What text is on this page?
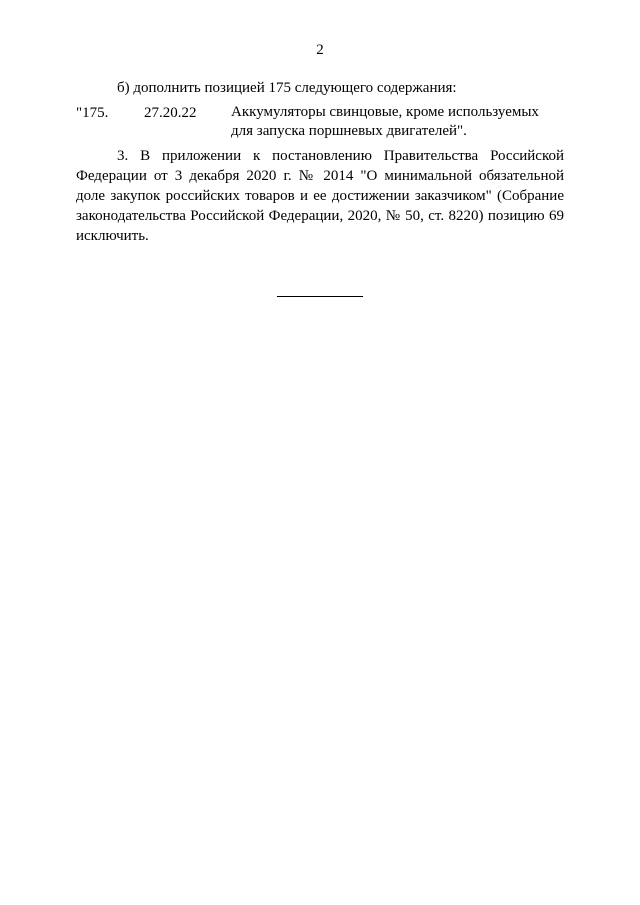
2
б) дополнить позицией 175 следующего содержания:
"175. 27.20.22 Аккумуляторы свинцовые, кроме используемых
для запуска поршневых двигателей".
3. В приложении к постановлению Правительства Российской
Федерации от 3 декабря 2020 г. № 2014 "О минимальной обязательной
доле закупок российских товаров и ее достижении заказчиком" (Собрание
законодательства Российской Федерации, 2020, № 50, ст. 8220) позицию 69
исключить.
